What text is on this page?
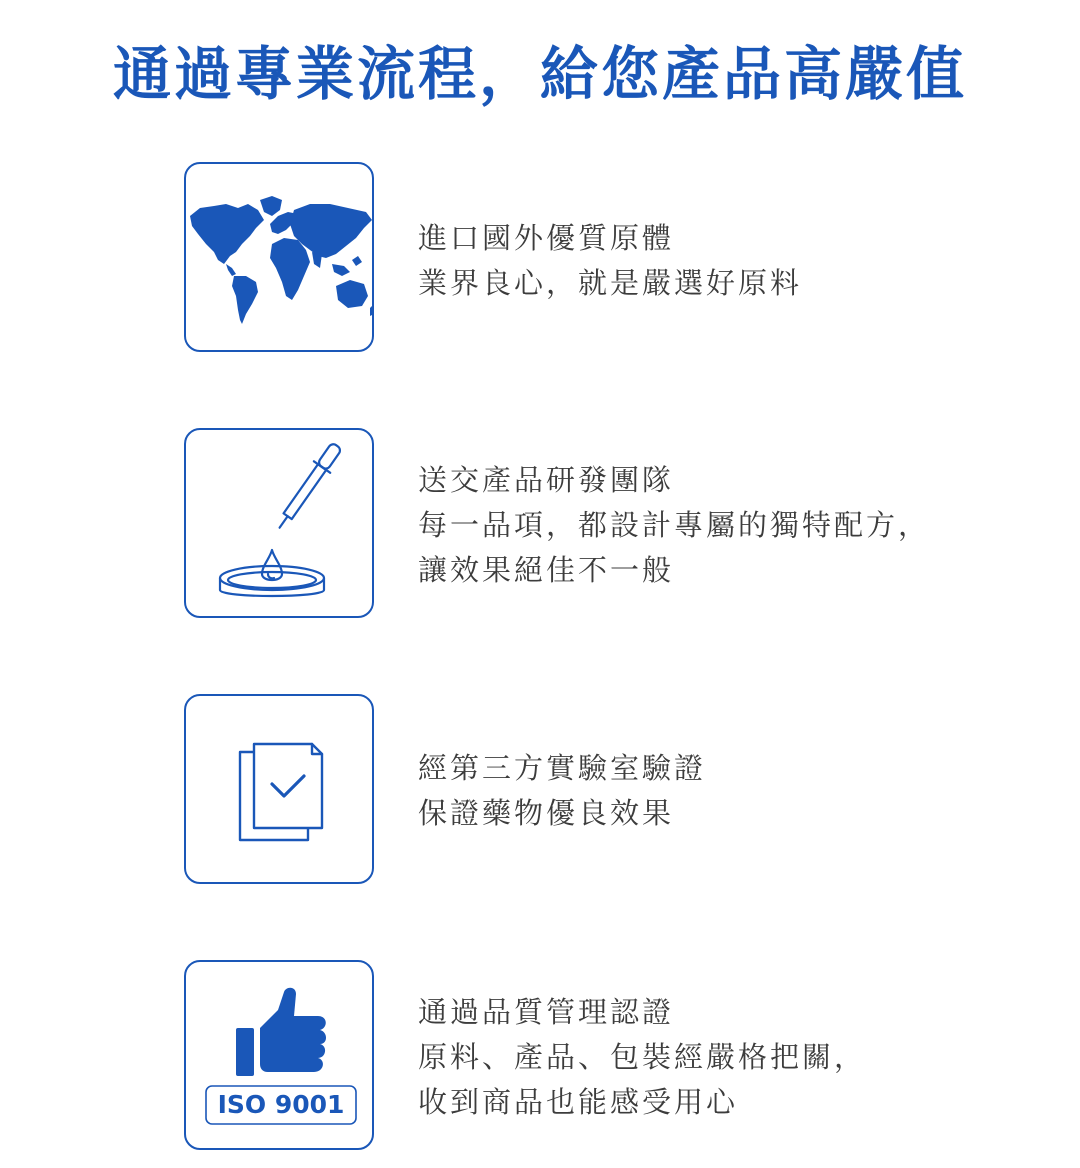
通過專業流程，給您產品高嚴值
進口國外優質原體
業界良心，就是嚴選好原料
送交產品研發團隊
每一品項，都設計專屬的獨特配方，
讓效果絕佳不一般
經第三方實驗室驗證
保證藥物優良效果
ISO 9001
通過品質管理認證
原料、產品、包裝經嚴格把關，
收到商品也能感受用心
